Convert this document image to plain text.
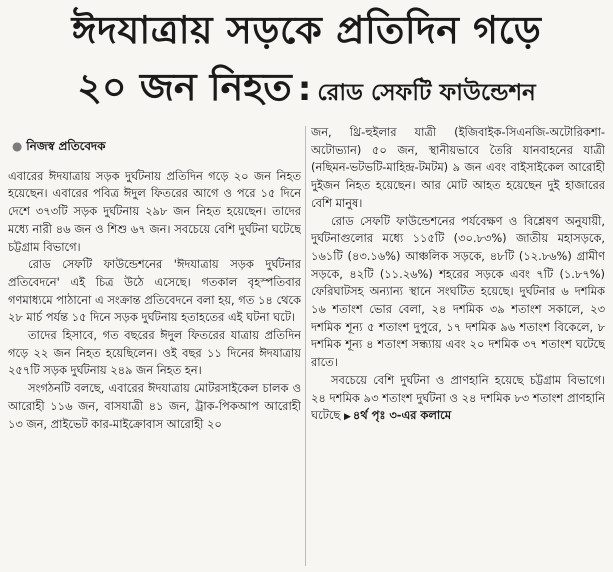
ঈদযাত্রায় সড়কে প্রতিদিন গড়ে
২০ জন নিহত : রোড সেফটি ফাউন্ডেশন
● নিজস্ব প্রতিবেদক

এবারের ঈদযাত্রায় সড়ক দুর্ঘটনায় প্রতিদিন গড়ে ২০ জন নিহত হয়েছেন। এবারের পবিত্র ঈদুল ফিতরের আগে ও পরে ১৫ দিনে দেশে ৩৭৩টি সড়ক দুর্ঘটনায় ২৯৮ জন নিহত হয়েছেন। তাদের মধ্যে নারী ৪৬ জন ও শিশু ৬৭ জন। সবচেয়ে বেশি দুর্ঘটনা ঘটেছে চট্টগ্রাম বিভাগে।

রোড সেফটি ফাউন্ডেশনের 'ঈদযাত্রায় সড়ক দুর্ঘটনার প্রতিবেদনে' এই চিত্র উঠে এসেছে। গতকাল বৃহস্পতিবার গণমাধ্যমে পাঠানো এ সংক্রান্ত প্রতিবেদনে বলা হয়, গত ১৪ থেকে ২৮ মার্চ পর্যন্ত ১৫ দিনে সড়ক দুর্ঘটনায় হতাহতের এই ঘটনা ঘটে।

তাদের হিসাবে, গত বছরের ঈদুল ফিতরের যাত্রায় প্রতিদিন গড়ে ২২ জন নিহত হয়েছিলেন। ওই বছর ১১ দিনের ঈদযাত্রায় ২৫৭টি সড়ক দুর্ঘটনায় ২৪৯ জন নিহত হন।

সংগঠনটি বলছে, এবারের ঈদযাত্রায় মোটরসাইকেল চালক ও আরোহী ১১৬ জন, বাসযাত্রী ৪১ জন, ট্রাক-পিকআপ আরোহী ১৩ জন, প্রাইভেট কার-মাইক্রোবাস আরোহী ২০

জন, থ্রি-হুইলার যাত্রী (ইজিবাইক-সিএনজি-অটোরিকশা-অটোভ্যান) ৫০ জন, স্থানীয়ভাবে তৈরি যানবাহনের যাত্রী (নছিমন-ভটভটি-মাহিন্দ্র-টমটম) ৯ জন এবং বাইসাইকেল আরোহী দুইজন নিহত হয়েছেন। আর মোট আহত হয়েছেন দুই হাজারের বেশি মানুষ।

রোড সেফটি ফাউন্ডেশনের পর্যবেক্ষণ ও বিশ্লেষণ অনুযায়ী, দুর্ঘটনাগুলোর মধ্যে ১১৫টি (৩০.৮৩%) জাতীয় মহাসড়কে, ১৬১টি (৪৩.১৬%) আঞ্চলিক সড়কে, ৪৮টি (১২.৮৬%) গ্রামীণ সড়কে, ৪২টি (১১.২৬%) শহরের সড়কে এবং ৭টি (১.৮৭%) ফেরিঘাটসহ অন্যান্য স্থানে সংঘটিত হয়েছে। দুর্ঘটনার ৬ দশমিক ১৬ শতাংশ ভোর বেলা, ২৪ দশমিক ৩৯ শতাংশ সকালে, ২৩ দশমিক শূন্য ৫ শতাংশ দুপুরে, ১৭ দশমিক ৯৬ শতাংশ বিকেলে, ৮ দশমিক শূন্য ৪ শতাংশ সন্ধ্যায় এবং ২০ দশমিক ৩৭ শতাংশ ঘটেছে রাতে।

সবচেয়ে বেশি দুর্ঘটনা ও প্রাণহানি হয়েছে চট্টগ্রাম বিভাগে। ২৪ দশমিক ৯৩ শতাংশ দুর্ঘটনা ও ২৪ দশমিক ৮৩ শতাংশ প্রাণহানি ঘটেছে ▶ ৪র্থ পৃঃ ৩-এর কলামে
